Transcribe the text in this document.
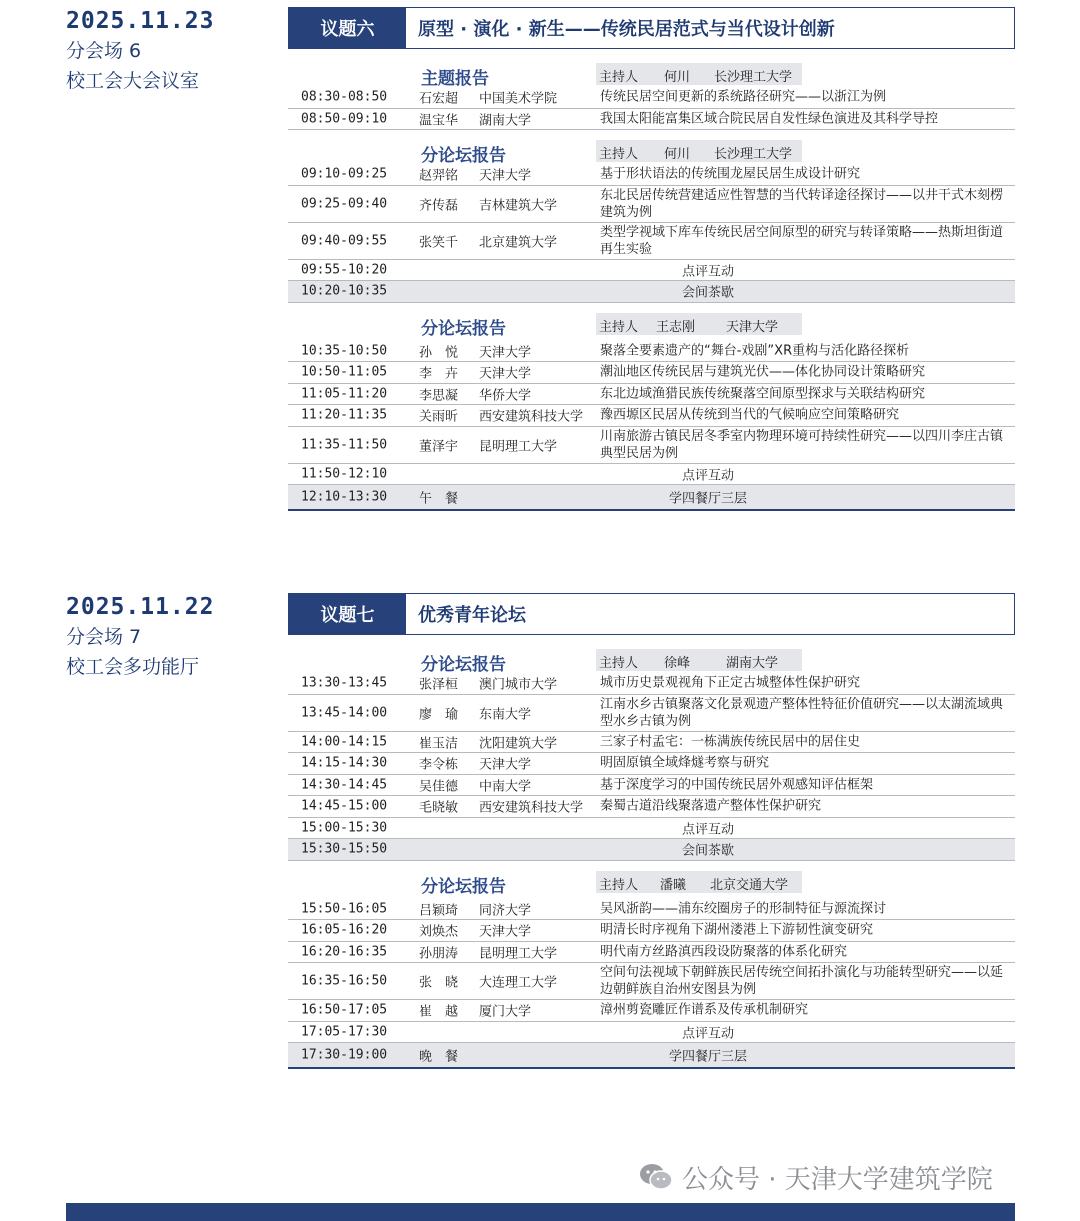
2025.11.23
分会场 6
校工会大会议室
议题六	原型 · 演化 · 新生——传统民居范式与当代设计创新
主题报告	主持人 何川 长沙理工大学
08:30-08:50 石宏超 中国美术学院	传统民居空间更新的系统路径研究——以浙江为例
08:50-09:10 温宝华 湖南大学	我国太阳能富集区域合院民居自发性绿色演进及其科学导控
分论坛报告	主持人 何川 长沙理工大学
09:10-09:25 赵羿铭 天津大学	基于形状语法的传统围龙屋民居生成设计研究
09:25-09:40 齐传磊 吉林建筑大学
东北民居传统营建适应性智慧的当代转译途径探讨——以井干式木刻楞建筑为例
09:40-09:55 张笑千 北京建筑大学
类型学视域下库车传统民居空间原型的研究与转译策略——热斯坦街道再生实验
09:55-10:20	点评互动
10:20-10:35	会间茶歇
分论坛报告	主持人 王志刚 天津大学
10:35-10:50 孙　悦 天津大学	聚落全要素遗产的“舞台-戏剧”XR重构与活化路径探析
10:50-11:05 李　卉 天津大学	潮汕地区传统民居与建筑光伏——体化协同设计策略研究
11:05-11:20 李思凝 华侨大学	东北边域渔猎民族传统聚落空间原型探求与关联结构研究
11:20-11:35 关雨昕 西安建筑科技大学 豫西塬区民居从传统到当代的气候响应空间策略研究
11:35-11:50 董泽宇 昆明理工大学
川南旅游古镇民居冬季室内物理环境可持续性研究——以四川李庄古镇典型民居为例
11:50-12:10	点评互动
12:10-13:30 午　餐	学四餐厅三层
2025.11.22
分会场 7
校工会多功能厅
议题七	优秀青年论坛
分论坛报告	主持人 徐峰	湖南大学
13:30-13:45 张泽桓 澳门城市大学	城市历史景观视角下正定古城整体性保护研究
13:45-14:00 廖　瑜 东南大学
江南水乡古镇聚落文化景观遗产整体性特征价值研究——以太湖流域典型水乡古镇为例
14:00-14:15 崔玉洁 沈阳建筑大学	三家子村孟宅：一栋满族传统民居中的居住史
14:15-14:30 李令栋 天津大学	明固原镇全域烽燧考察与研究
14:30-14:45 吴佳德 中南大学	基于深度学习的中国传统民居外观感知评估框架
14:45-15:00 毛晓敏 西安建筑科技大学 秦蜀古道沿线聚落遗产整体性保护研究
15:00-15:30	点评互动
15:30-15:50	会间茶歇
分论坛报告	主持人 潘曦 北京交通大学
15:50-16:05 吕颖琦 同济大学	吴风浙韵——浦东绞圈房子的形制特征与源流探讨
16:05-16:20 刘焕杰 天津大学	明清长时序视角下湖州溇港上下游韧性演变研究
16:20-16:35 孙朋涛 昆明理工大学	明代南方丝路滇西段设防聚落的体系化研究
16:35-16:50 张　晓 大连理工大学
空间句法视域下朝鲜族民居传统空间拓扑演化与功能转型研究——以延边朝鲜族自治州安图县为例
16:50-17:05 崔　越 厦门大学	漳州剪瓷雕匠作谱系及传承机制研究
17:05-17:30	点评互动
17:30-19:00 晚　餐	学四餐厅三层
公众号 · 天津大学建筑学院
